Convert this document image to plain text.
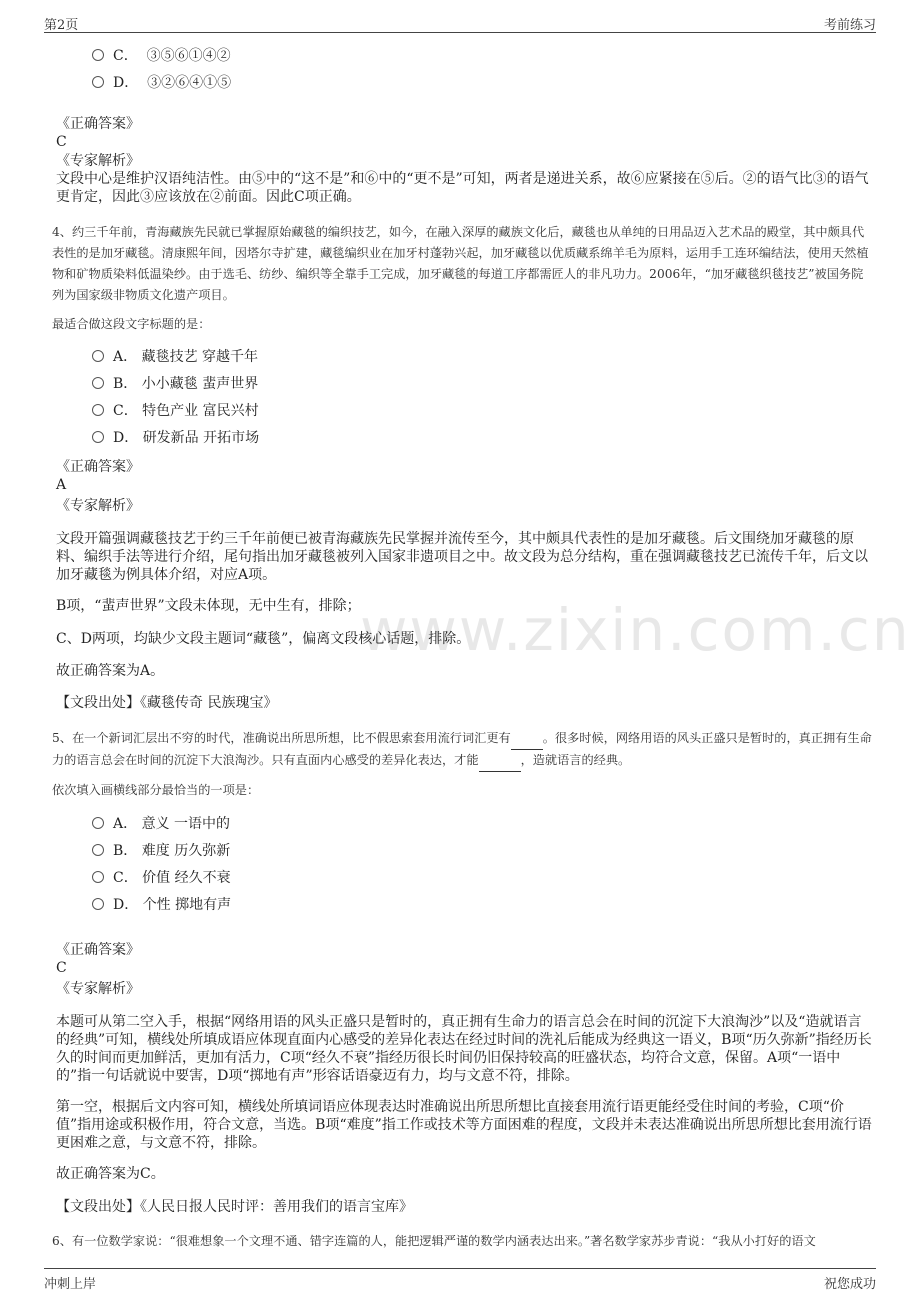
第2页	考前练习
www.zixin.com.cn
C． ③⑤⑥①④②
D． ③②⑥④①⑤
《正确答案》
C
《专家解析》
文段中心是维护汉语纯洁性。由⑤中的“这不是”和⑥中的“更不是”可知，两者是递进关系，故⑥应紧接在⑤后。②的语气比③的语气更肯定，因此③应该放在②前面。因此C项正确。
4、约三千年前，青海藏族先民就已掌握原始藏毯的编织技艺，如今，在融入深厚的藏族文化后，藏毯也从单纯的日用品迈入艺术品的殿堂，其中颇具代表性的是加牙藏毯。清康熙年间，因塔尔寺扩建，藏毯编织业在加牙村蓬勃兴起，加牙藏毯以优质藏系绵羊毛为原料，运用手工连环编结法，使用天然植物和矿物质染料低温染纱。由于选毛、纺纱、编织等全靠手工完成，加牙藏毯的每道工序都需匠人的非凡功力。2006年，“加牙藏毯织毯技艺”被国务院列为国家级非物质文化遗产项目。
最适合做这段文字标题的是：
A． 藏毯技艺 穿越千年
B． 小小藏毯 蜚声世界
C． 特色产业 富民兴村
D． 研发新品 开拓市场
《正确答案》
A
《专家解析》
文段开篇强调藏毯技艺于约三千年前便已被青海藏族先民掌握并流传至今，其中颇具代表性的是加牙藏毯。后文围绕加牙藏毯的原料、编织手法等进行介绍，尾句指出加牙藏毯被列入国家非遗项目之中。故文段为总分结构，重在强调藏毯技艺已流传千年，后文以加牙藏毯为例具体介绍，对应A项。
B项，“蜚声世界”文段未体现，无中生有，排除；
C、D两项，均缺少文段主题词“藏毯”，偏离文段核心话题，排除。
故正确答案为A。
【文段出处】《藏毯传奇 民族瑰宝》
5、在一个新词汇层出不穷的时代，准确说出所思所想，比不假思索套用流行词汇更有	。很多时候，网络用语的风头正盛只是暂时的，真正拥有生命力的语言总会在时间的沉淀下大浪淘沙。只有直面内心感受的差异化表达，才能	，造就语言的经典。
依次填入画横线部分最恰当的一项是：
A． 意义 一语中的
B． 难度 历久弥新
C． 价值 经久不衰
D． 个性 掷地有声
《正确答案》
C
《专家解析》
本题可从第二空入手，根据“网络用语的风头正盛只是暂时的，真正拥有生命力的语言总会在时间的沉淀下大浪淘沙”以及“造就语言的经典”可知，横线处所填成语应体现直面内心感受的差异化表达在经过时间的洗礼后能成为经典这一语义，B项“历久弥新”指经历长久的时间而更加鲜活，更加有活力，C项“经久不衰”指经历很长时间仍旧保持较高的旺盛状态，均符合文意，保留。A项“一语中的”指一句话就说中要害，D项“掷地有声”形容话语豪迈有力，均与文意不符，排除。
第一空，根据后文内容可知，横线处所填词语应体现表达时准确说出所思所想比直接套用流行语更能经受住时间的考验，C项“价值”指用途或积极作用，符合文意，当选。B项“难度”指工作或技术等方面困难的程度，文段并未表达准确说出所思所想比套用流行语更困难之意，与文意不符，排除。
故正确答案为C。
【文段出处】《人民日报人民时评：善用我们的语言宝库》
6、有一位数学家说：“很难想象一个文理不通、错字连篇的人，能把逻辑严谨的数学内涵表达出来。”著名数学家苏步青说：“我从小打好的语文
冲刺上岸	祝您成功
